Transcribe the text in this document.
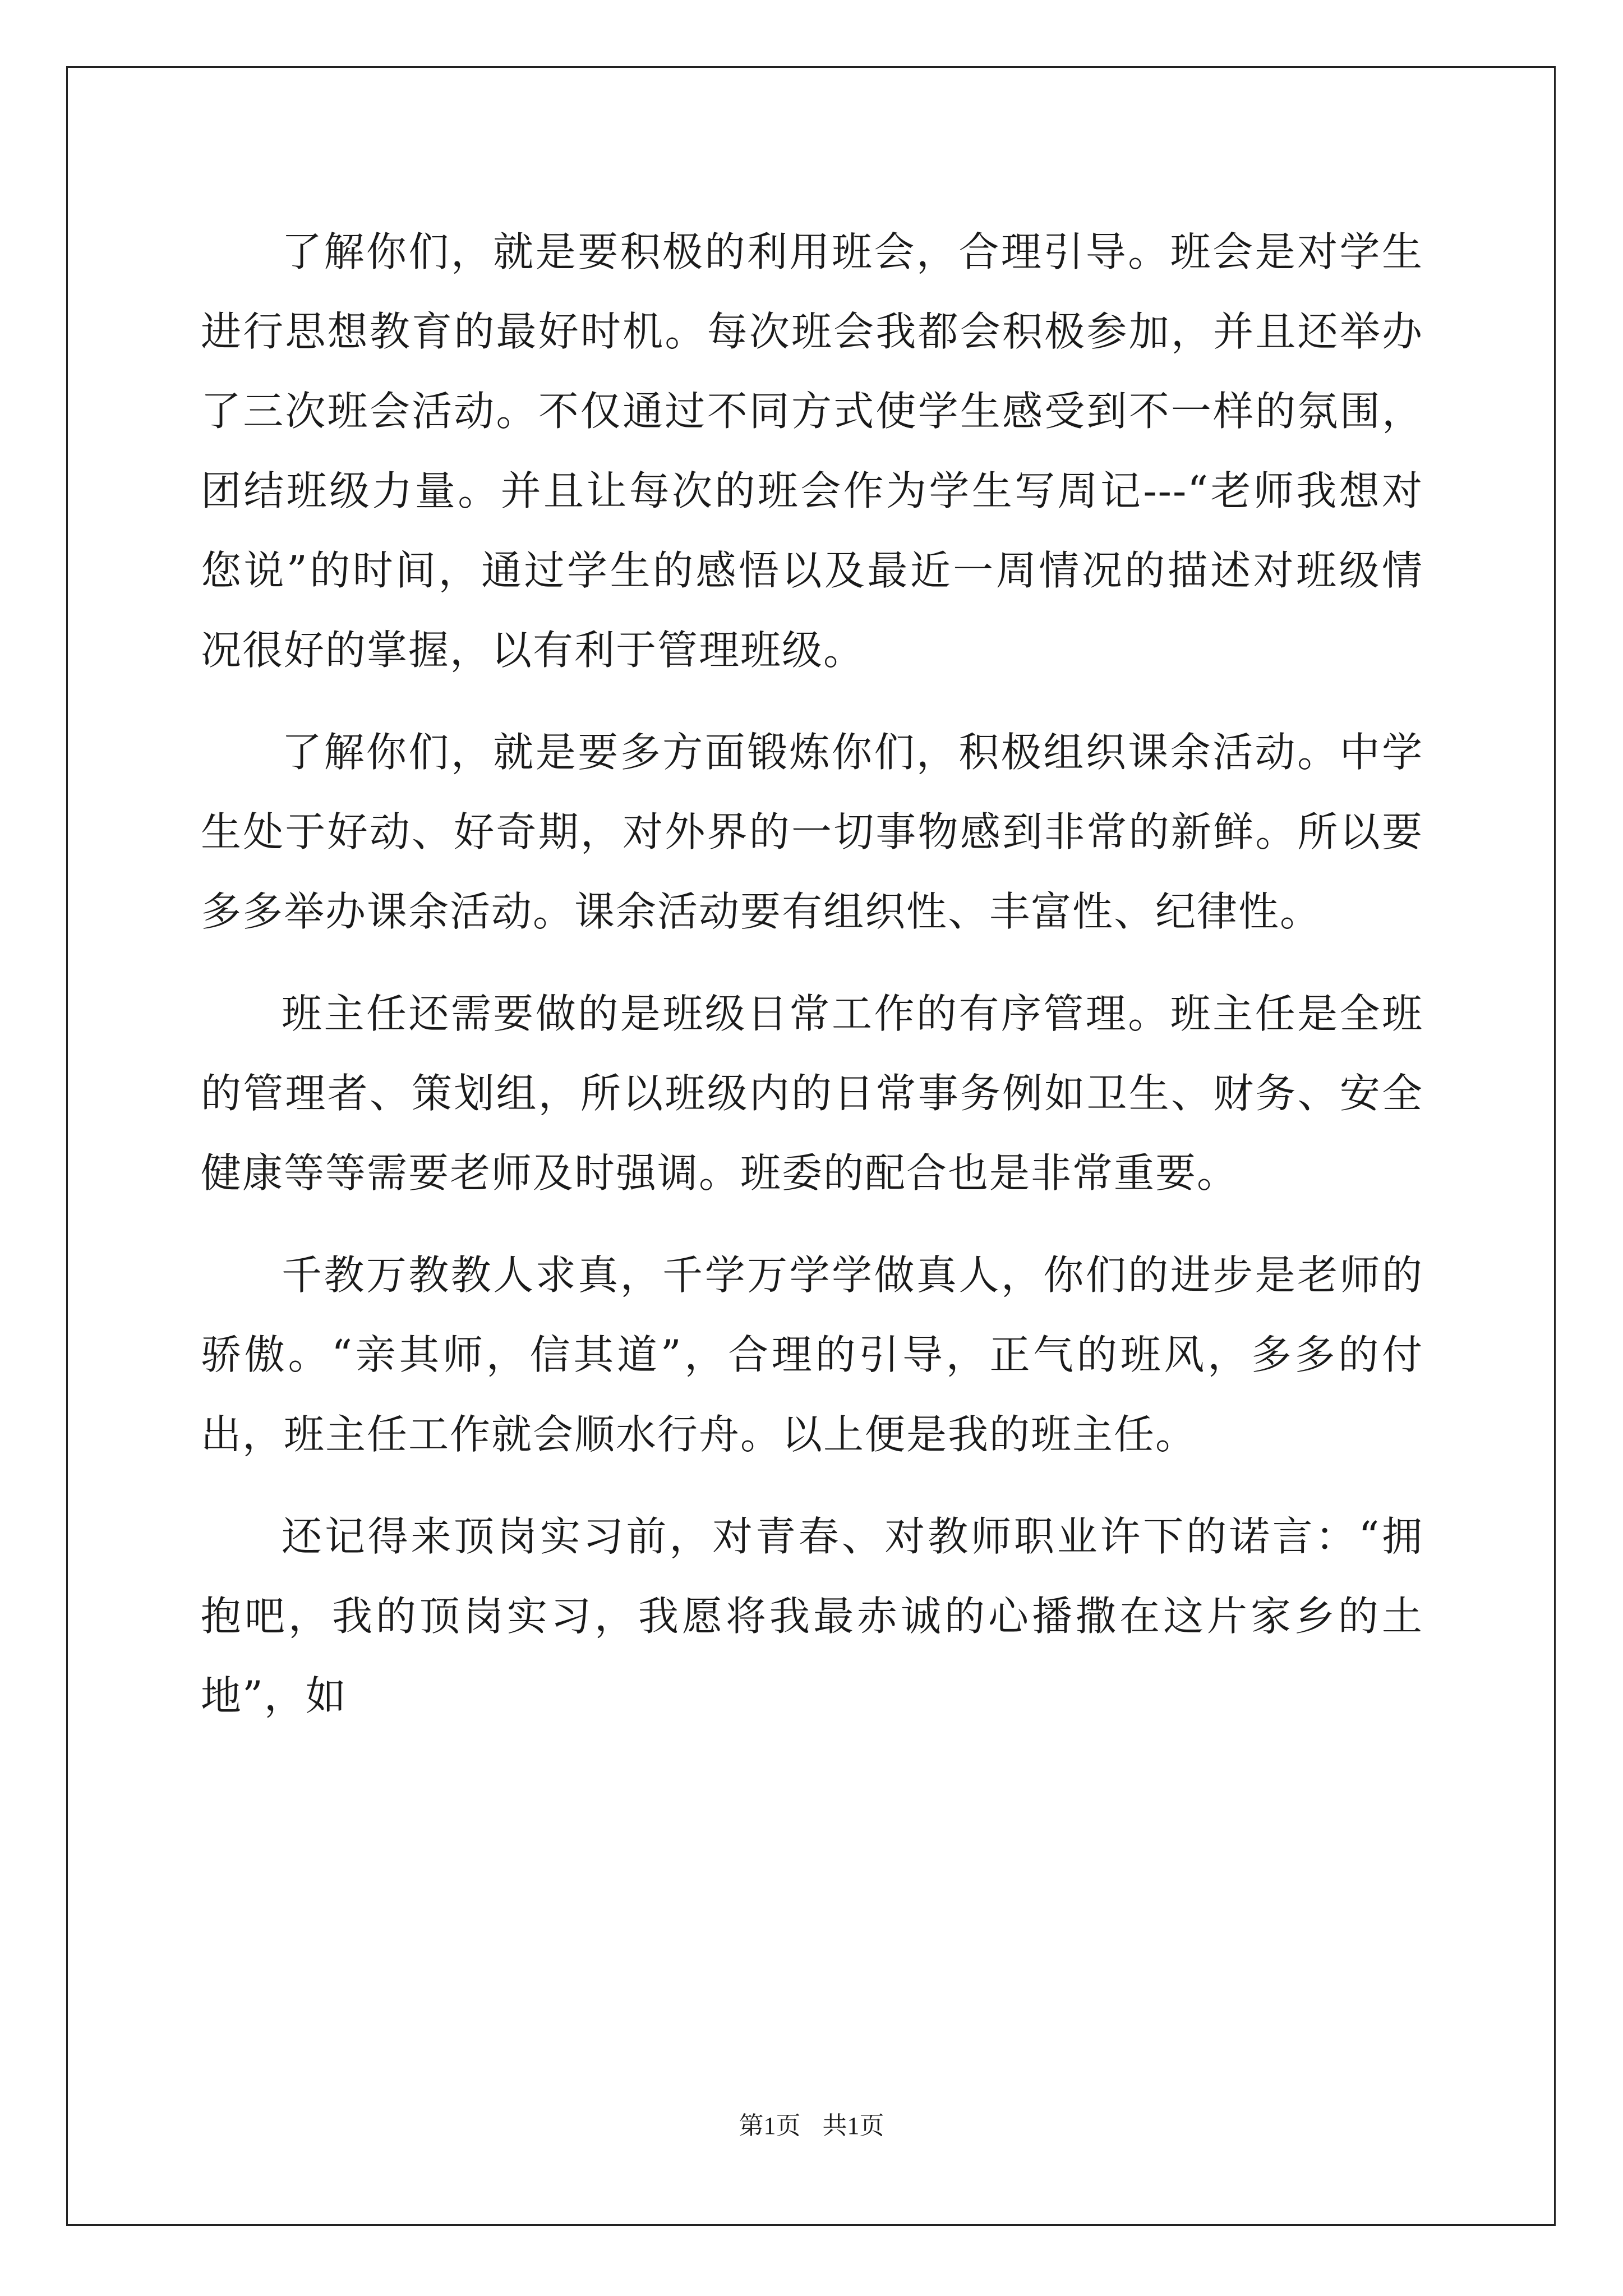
了解你们，就是要积极的利用班会，合理引导。班会是对学生进行思想教育的最好时机。每次班会我都会积极参加，并且还举办了三次班会活动。不仅通过不同方式使学生感受到不一样的氛围，团结班级力量。并且让每次的班会作为学生写周记---“老师我想对您说”的时间，通过学生的感悟以及最近一周情况的描述对班级情况很好的掌握，以有利于管理班级。

了解你们，就是要多方面锻炼你们，积极组织课余活动。中学生处于好动、好奇期，对外界的一切事物感到非常的新鲜。所以要多多举办课余活动。课余活动要有组织性、丰富性、纪律性。

班主任还需要做的是班级日常工作的有序管理。班主任是全班的管理者、策划组，所以班级内的日常事务例如卫生、财务、安全健康等等需要老师及时强调。班委的配合也是非常重要。

千教万教教人求真，千学万学学做真人，你们的进步是老师的骄傲。“亲其师，信其道”，合理的引导，正气的班风，多多的付出，班主任工作就会顺水行舟。以上便是我的班主任。

还记得来顶岗实习前，对青春、对教师职业许下的诺言：“拥抱吧，我的顶岗实习，我愿将我最赤诚的心播撒在这片家乡的土地”，如

第1页 共1页
